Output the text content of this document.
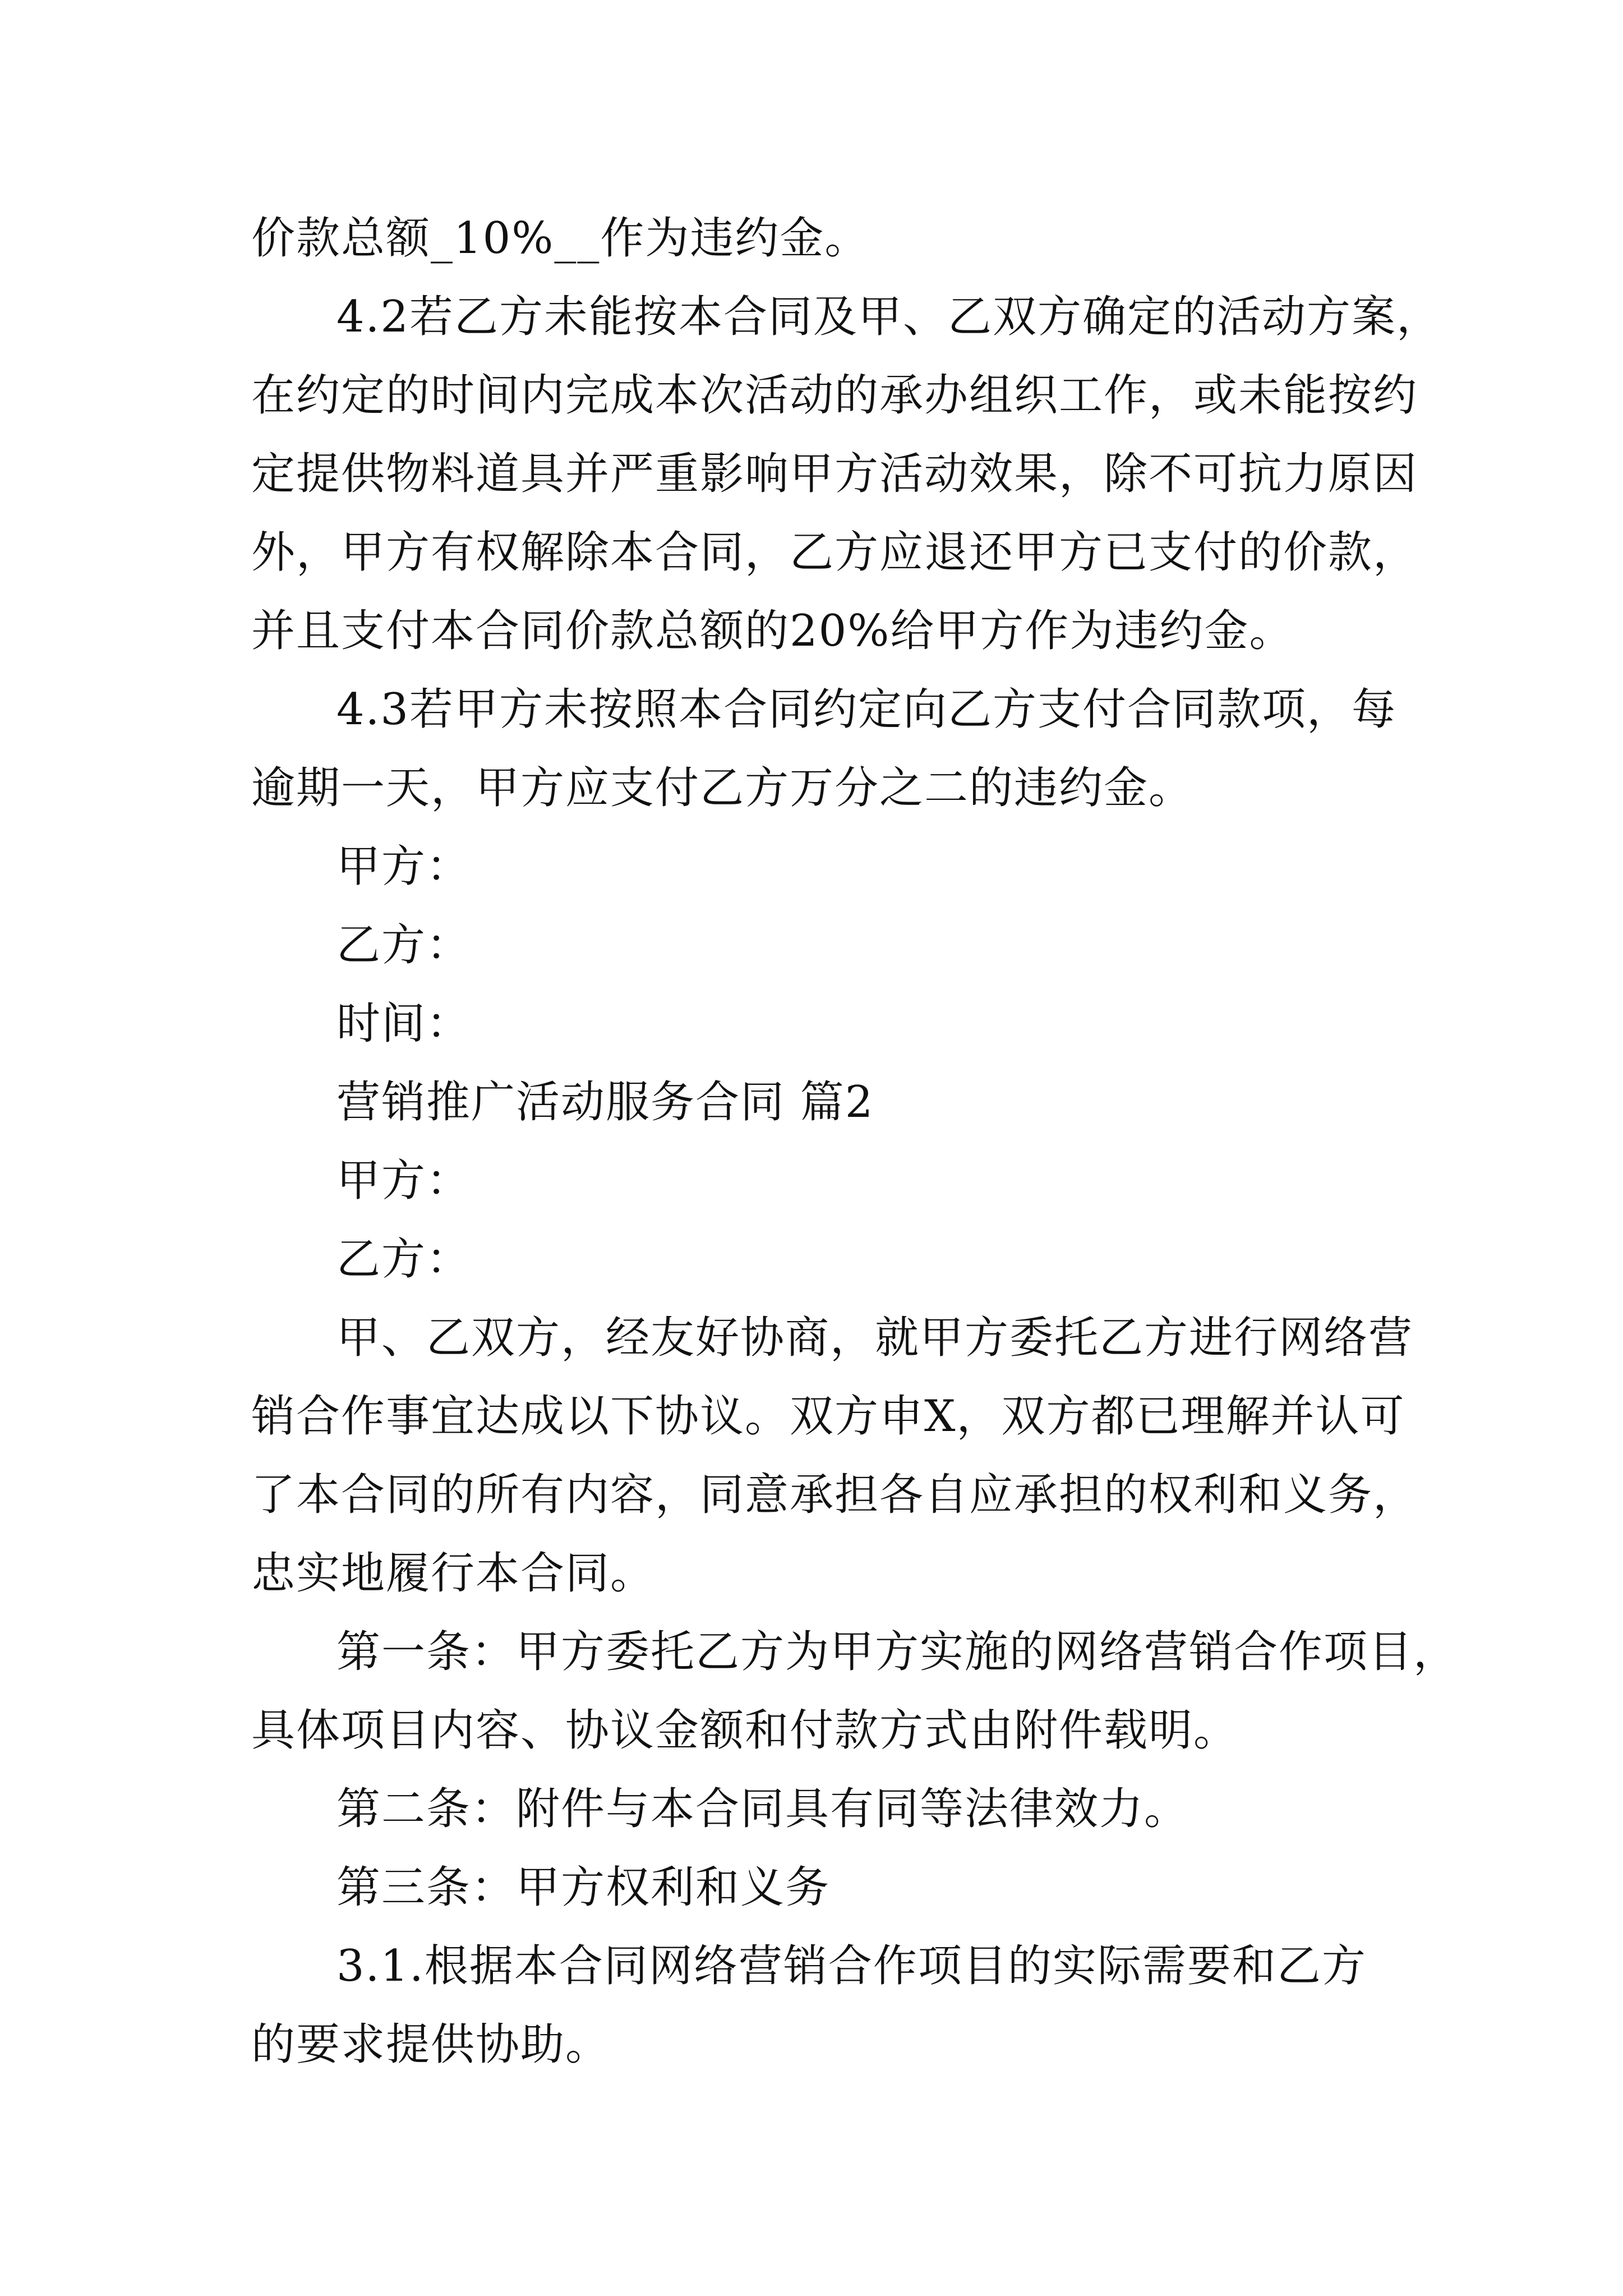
价款总额_10%__作为违约金。

4.2若乙方未能按本合同及甲、乙双方确定的活动方案，

在约定的时间内完成本次活动的承办组织工作，或未能按约

定提供物料道具并严重影响甲方活动效果，除不可抗力原因

外，甲方有权解除本合同，乙方应退还甲方已支付的价款，

并且支付本合同价款总额的20%给甲方作为违约金。

4.3若甲方未按照本合同约定向乙方支付合同款项，每

逾期一天，甲方应支付乙方万分之二的违约金。

甲方：

乙方：

时间：

营销推广活动服务合同 篇2

甲方：

乙方：

甲、乙双方，经友好协商，就甲方委托乙方进行网络营

销合作事宜达成以下协议。双方申X，双方都已理解并认可

了本合同的所有内容，同意承担各自应承担的权利和义务，

忠实地履行本合同。

第一条：甲方委托乙方为甲方实施的网络营销合作项目，

具体项目内容、协议金额和付款方式由附件载明。

第二条：附件与本合同具有同等法律效力。

第三条：甲方权利和义务

3.1.根据本合同网络营销合作项目的实际需要和乙方

的要求提供协助。
